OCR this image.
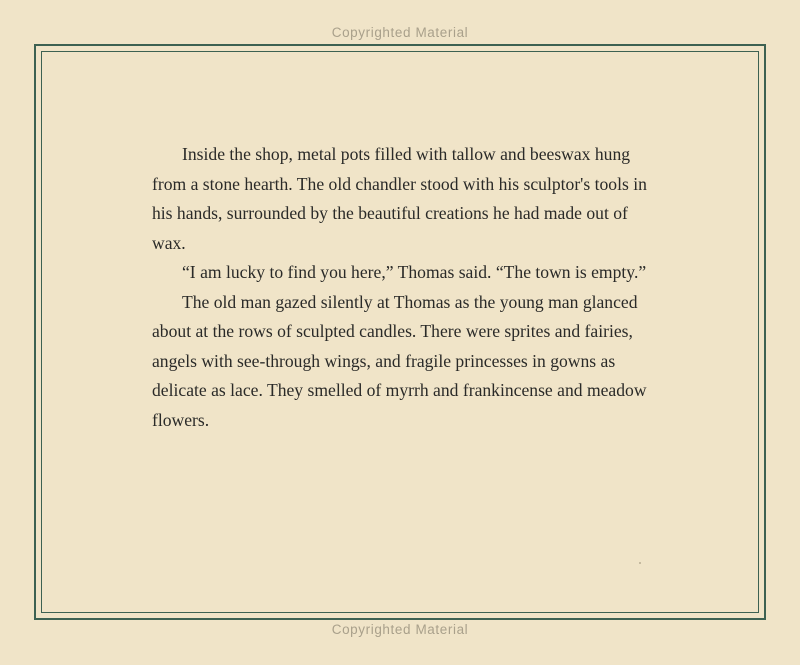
Copyrighted Material

Inside the shop, metal pots filled with tallow and beeswax hung from a stone hearth. The old chandler stood with his sculptor's tools in his hands, surrounded by the beautiful creations he had made out of wax.

“I am lucky to find you here,” Thomas said. “The town is empty.”

The old man gazed silently at Thomas as the young man glanced about at the rows of sculpted candles. There were sprites and fairies, angels with see-through wings, and fragile princesses in gowns as delicate as lace. They smelled of myrrh and frankincense and meadow flowers.

Copyrighted Material
